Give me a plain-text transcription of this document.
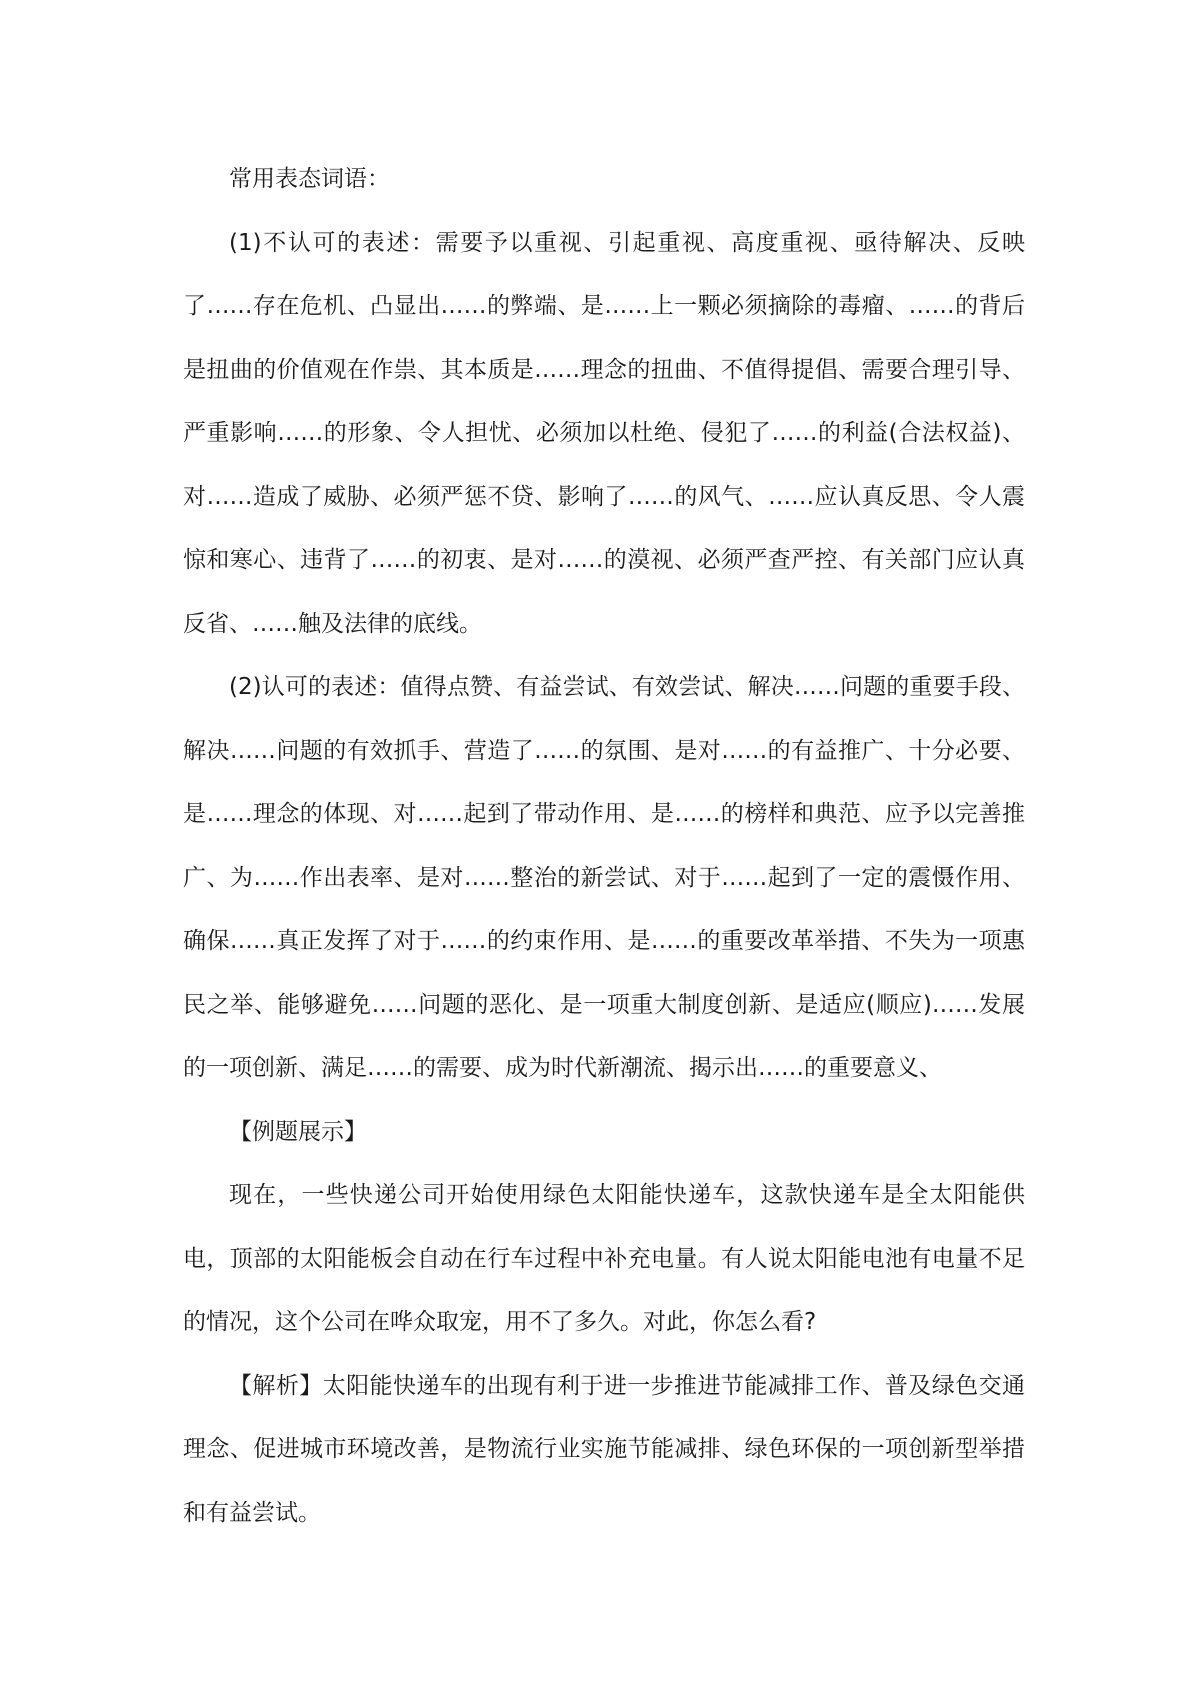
常用表态词语：

(1)不认可的表述：需要予以重视、引起重视、高度重视、亟待解决、反映了……存在危机、凸显出……的弊端、是……上一颗必须摘除的毒瘤、……的背后是扭曲的价值观在作祟、其本质是……理念的扭曲、不值得提倡、需要合理引导、严重影响……的形象、令人担忧、必须加以杜绝、侵犯了……的利益(合法权益)、对……造成了威胁、必须严惩不贷、影响了……的风气、……应认真反思、令人震惊和寒心、违背了……的初衷、是对……的漠视、必须严查严控、有关部门应认真反省、……触及法律的底线。

(2)认可的表述：值得点赞、有益尝试、有效尝试、解决……问题的重要手段、解决……问题的有效抓手、营造了……的氛围、是对……的有益推广、十分必要、是……理念的体现、对……起到了带动作用、是……的榜样和典范、应予以完善推广、为……作出表率、是对……整治的新尝试、对于……起到了一定的震慑作用、确保……真正发挥了对于……的约束作用、是……的重要改革举措、不失为一项惠民之举、能够避免……问题的恶化、是一项重大制度创新、是适应(顺应)……发展的一项创新、满足……的需要、成为时代新潮流、揭示出……的重要意义、

【例题展示】

现在，一些快递公司开始使用绿色太阳能快递车，这款快递车是全太阳能供电，顶部的太阳能板会自动在行车过程中补充电量。有人说太阳能电池有电量不足的情况，这个公司在哗众取宠，用不了多久。对此，你怎么看?

【解析】太阳能快递车的出现有利于进一步推进节能减排工作、普及绿色交通理念、促进城市环境改善，是物流行业实施节能减排、绿色环保的一项创新型举措和有益尝试。
